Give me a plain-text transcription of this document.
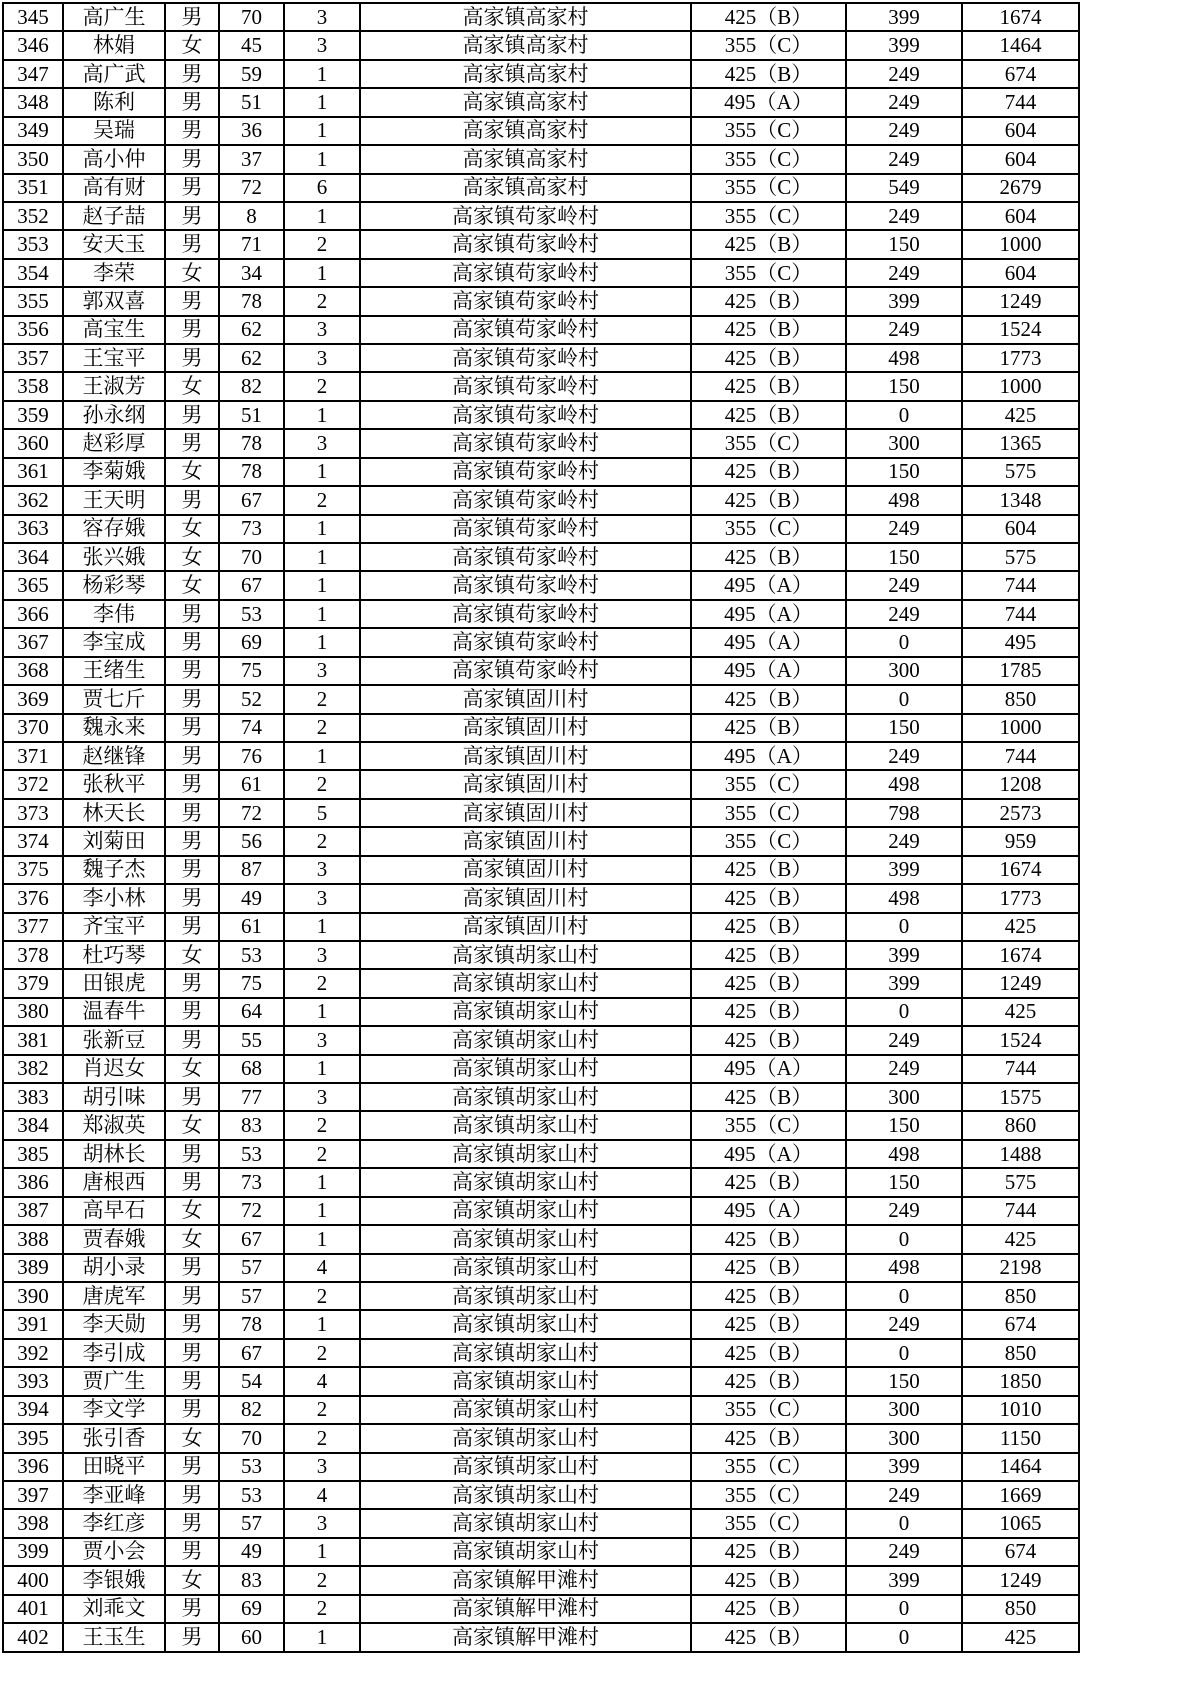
345	高广生	男	70	3	高家镇高家村	425（B）	399	1674
346	林娟	女	45	3	高家镇高家村	355（C）	399	1464
347	高广武	男	59	1	高家镇高家村	425（B）	249	674
348	陈利	男	51	1	高家镇高家村	495（A）	249	744
349	吴瑞	男	36	1	高家镇高家村	355（C）	249	604
350	高小仲	男	37	1	高家镇高家村	355（C）	249	604
351	高有财	男	72	6	高家镇高家村	355（C）	549	2679
352	赵子喆	男	8	1	高家镇苟家岭村	355（C）	249	604
353	安天玉	男	71	2	高家镇苟家岭村	425（B）	150	1000
354	李荣	女	34	1	高家镇苟家岭村	355（C）	249	604
355	郭双喜	男	78	2	高家镇苟家岭村	425（B）	399	1249
356	高宝生	男	62	3	高家镇苟家岭村	425（B）	249	1524
357	王宝平	男	62	3	高家镇苟家岭村	425（B）	498	1773
358	王淑芳	女	82	2	高家镇苟家岭村	425（B）	150	1000
359	孙永纲	男	51	1	高家镇苟家岭村	425（B）	0	425
360	赵彩厚	男	78	3	高家镇苟家岭村	355（C）	300	1365
361	李菊娥	女	78	1	高家镇苟家岭村	425（B）	150	575
362	王天明	男	67	2	高家镇苟家岭村	425（B）	498	1348
363	容存娥	女	73	1	高家镇苟家岭村	355（C）	249	604
364	张兴娥	女	70	1	高家镇苟家岭村	425（B）	150	575
365	杨彩琴	女	67	1	高家镇苟家岭村	495（A）	249	744
366	李伟	男	53	1	高家镇苟家岭村	495（A）	249	744
367	李宝成	男	69	1	高家镇苟家岭村	495（A）	0	495
368	王绪生	男	75	3	高家镇苟家岭村	495（A）	300	1785
369	贾七斤	男	52	2	高家镇固川村	425（B）	0	850
370	魏永来	男	74	2	高家镇固川村	425（B）	150	1000
371	赵继锋	男	76	1	高家镇固川村	495（A）	249	744
372	张秋平	男	61	2	高家镇固川村	355（C）	498	1208
373	林天长	男	72	5	高家镇固川村	355（C）	798	2573
374	刘菊田	男	56	2	高家镇固川村	355（C）	249	959
375	魏子杰	男	87	3	高家镇固川村	425（B）	399	1674
376	李小林	男	49	3	高家镇固川村	425（B）	498	1773
377	齐宝平	男	61	1	高家镇固川村	425（B）	0	425
378	杜巧琴	女	53	3	高家镇胡家山村	425（B）	399	1674
379	田银虎	男	75	2	高家镇胡家山村	425（B）	399	1249
380	温春牛	男	64	1	高家镇胡家山村	425（B）	0	425
381	张新豆	男	55	3	高家镇胡家山村	425（B）	249	1524
382	肖迟女	女	68	1	高家镇胡家山村	495（A）	249	744
383	胡引味	男	77	3	高家镇胡家山村	425（B）	300	1575
384	郑淑英	女	83	2	高家镇胡家山村	355（C）	150	860
385	胡林长	男	53	2	高家镇胡家山村	495（A）	498	1488
386	唐根西	男	73	1	高家镇胡家山村	425（B）	150	575
387	高早石	女	72	1	高家镇胡家山村	495（A）	249	744
388	贾春娥	女	67	1	高家镇胡家山村	425（B）	0	425
389	胡小录	男	57	4	高家镇胡家山村	425（B）	498	2198
390	唐虎军	男	57	2	高家镇胡家山村	425（B）	0	850
391	李天勋	男	78	1	高家镇胡家山村	425（B）	249	674
392	李引成	男	67	2	高家镇胡家山村	425（B）	0	850
393	贾广生	男	54	4	高家镇胡家山村	425（B）	150	1850
394	李文学	男	82	2	高家镇胡家山村	355（C）	300	1010
395	张引香	女	70	2	高家镇胡家山村	425（B）	300	1150
396	田晓平	男	53	3	高家镇胡家山村	355（C）	399	1464
397	李亚峰	男	53	4	高家镇胡家山村	355（C）	249	1669
398	李红彦	男	57	3	高家镇胡家山村	355（C）	0	1065
399	贾小会	男	49	1	高家镇胡家山村	425（B）	249	674
400	李银娥	女	83	2	高家镇解甲滩村	425（B）	399	1249
401	刘乖文	男	69	2	高家镇解甲滩村	425（B）	0	850
402	王玉生	男	60	1	高家镇解甲滩村	425（B）	0	425
